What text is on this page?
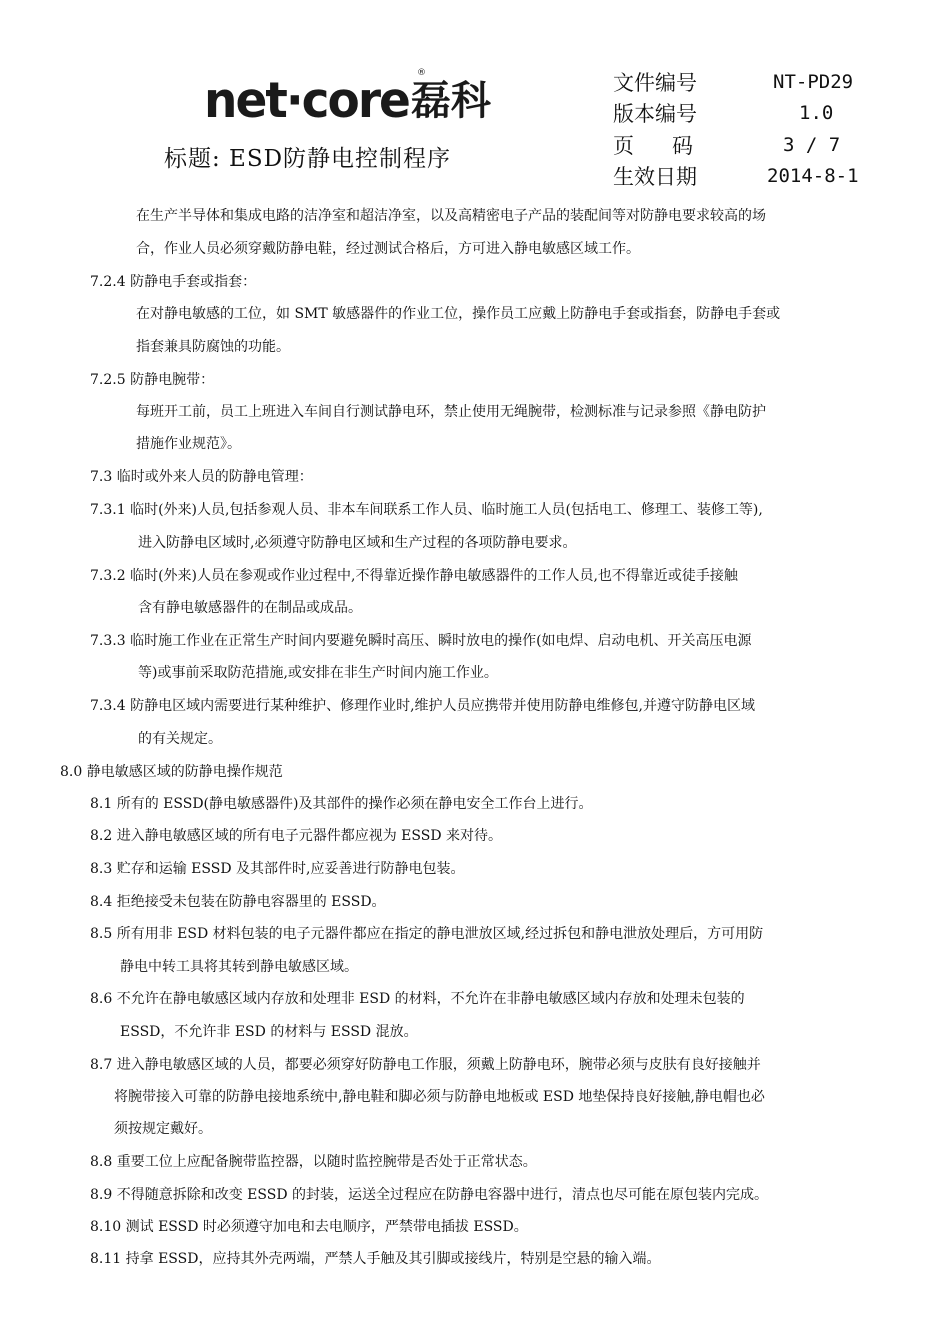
net·core 磊科
®
标题: ESD防静电控制程序
文件编号	NT-PD29
版本编号	1.0
页码	3 / 7
生效日期	2014-8-1
在生产半导体和集成电路的洁净室和超洁净室，以及高精密电子产品的装配间等对防静电要求较高的场
合，作业人员必须穿戴防静电鞋，经过测试合格后，方可进入静电敏感区域工作。
7.2.4 防静电手套或指套：
在对静电敏感的工位，如 SMT 敏感器件的作业工位，操作员工应戴上防静电手套或指套，防静电手套或
指套兼具防腐蚀的功能。
7.2.5 防静电腕带：
每班开工前，员工上班进入车间自行测试静电环，禁止使用无绳腕带，检测标准与记录参照《静电防护
措施作业规范》。
7.3 临时或外来人员的防静电管理：
7.3.1 临时(外来)人员,包括参观人员、非本车间联系工作人员、临时施工人员(包括电工、修理工、装修工等),
进入防静电区域时,必须遵守防静电区域和生产过程的各项防静电要求。
7.3.2 临时(外来)人员在参观或作业过程中,不得靠近操作静电敏感器件的工作人员,也不得靠近或徒手接触
含有静电敏感器件的在制品或成品。
7.3.3 临时施工作业在正常生产时间内要避免瞬时高压、瞬时放电的操作(如电焊、启动电机、开关高压电源
等)或事前采取防范措施,或安排在非生产时间内施工作业。
7.3.4 防静电区域内需要进行某种维护、修理作业时,维护人员应携带并使用防静电维修包,并遵守防静电区域
的有关规定。
8.0 静电敏感区域的防静电操作规范
8.1 所有的 ESSD(静电敏感器件)及其部件的操作必须在静电安全工作台上进行。
8.2 进入静电敏感区域的所有电子元器件都应视为 ESSD 来对待。
8.3 贮存和运输 ESSD 及其部件时,应妥善进行防静电包装。
8.4 拒绝接受未包装在防静电容器里的 ESSD。
8.5 所有用非 ESD 材料包装的电子元器件都应在指定的静电泄放区域,经过拆包和静电泄放处理后，方可用防
静电中转工具将其转到静电敏感区域。
8.6 不允许在静电敏感区域内存放和处理非 ESD 的材料，不允许在非静电敏感区域内存放和处理未包装的
ESSD，不允许非 ESD 的材料与 ESSD 混放。
8.7 进入静电敏感区域的人员，都要必须穿好防静电工作服，须戴上防静电环，腕带必须与皮肤有良好接触并
将腕带接入可靠的防静电接地系统中,静电鞋和脚必须与防静电地板或 ESD 地垫保持良好接触,静电帽也必
须按规定戴好。
8.8 重要工位上应配备腕带监控器，以随时监控腕带是否处于正常状态。
8.9 不得随意拆除和改变 ESSD 的封装，运送全过程应在防静电容器中进行，清点也尽可能在原包装内完成。
8.10 测试 ESSD 时必须遵守加电和去电顺序，严禁带电插拔 ESSD。
8.11 持拿 ESSD，应持其外壳两端，严禁人手触及其引脚或接线片，特别是空悬的输入端。
